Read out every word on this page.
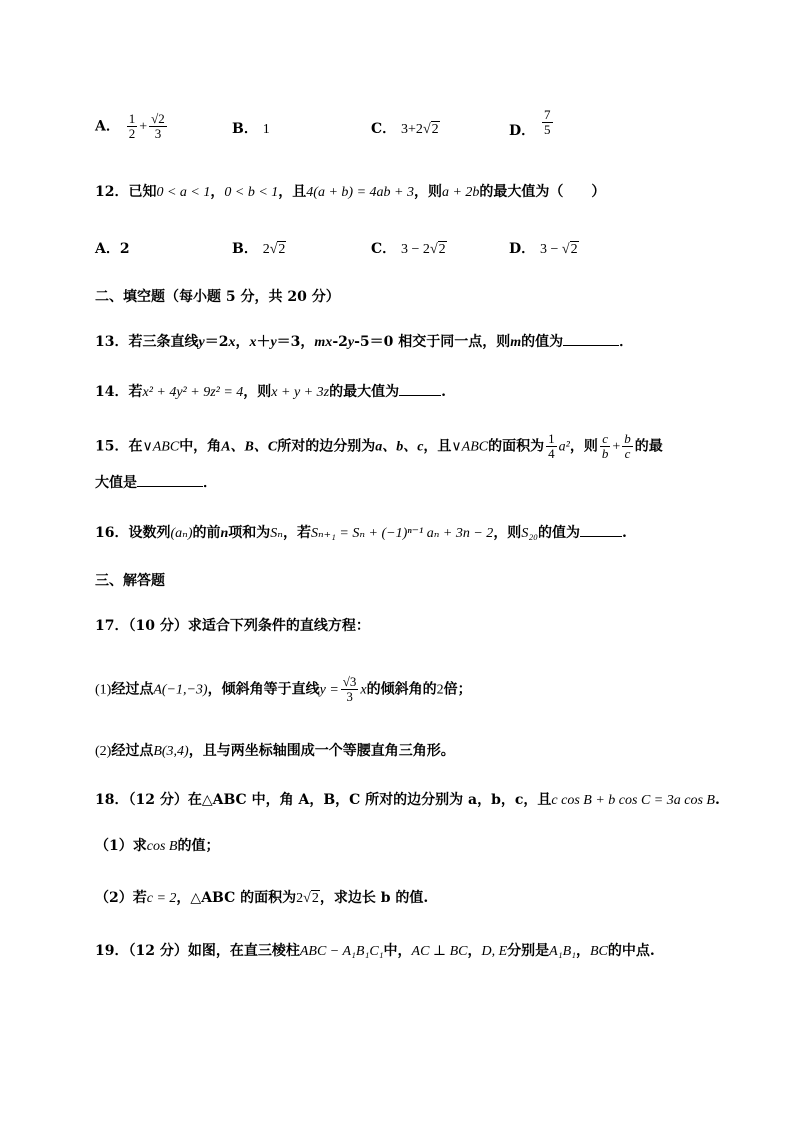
A． $\frac{1}{2} + \frac{√2}{3}$	B． 1	C． 3+2√2	D． $\frac{7}{5}$
12．已知0 < a < 1，0 < b < 1，且4(a + b) = 4ab + 3，则a + 2b的最大值为（　　）
A．2	B． 2√2	C． 3 − 2√2	D． 3 − √2
二、填空题（每小题 5 分，共 20 分）
13．若三条直线y＝2x，x＋y＝3，mx-2y-5＝0 相交于同一点，则m的值为	．
14．若x² + 4y² + 9z² = 4，则x + y + 3z的最大值为	.
15．在∨ABC中，角A、B、C所对的边分别为a、b、c，且∨ABC的面积为 $\frac{1}{4} a^2$，则 $\frac{c}{b} + \frac{b}{c}$ 的最
大值是	．
16．设数列(aₙ)的前n项和为Sₙ，若Sₙ₊₁ = Sₙ + (−1)ⁿ⁻¹ aₙ + 3n − 2，则S₂₀的值为	.
三、解答题
17．（10 分）求适合下列条件的直线方程：
(1)经过点A(−1,−3)，倾斜角等于直线$y = \frac{√3}{3}$ x的倾斜角的2倍；
(2)经过点B(3,4)，且与两坐标轴围成一个等腰直角三角形。
18．（12 分）在△ABC 中，角 A，B，C 所对的边分别为 a，b，c，且c cos B + b cos C = 3a cos B.
（1）求cos B的值；
（2）若c = 2，△ABC 的面积为2√2，求边长 b 的值.
19．（12 分）如图，在直三棱柱ABC − A₁B₁C₁中，AC ⊥ BC，D, E分别是A₁B₁，BC的中点.
